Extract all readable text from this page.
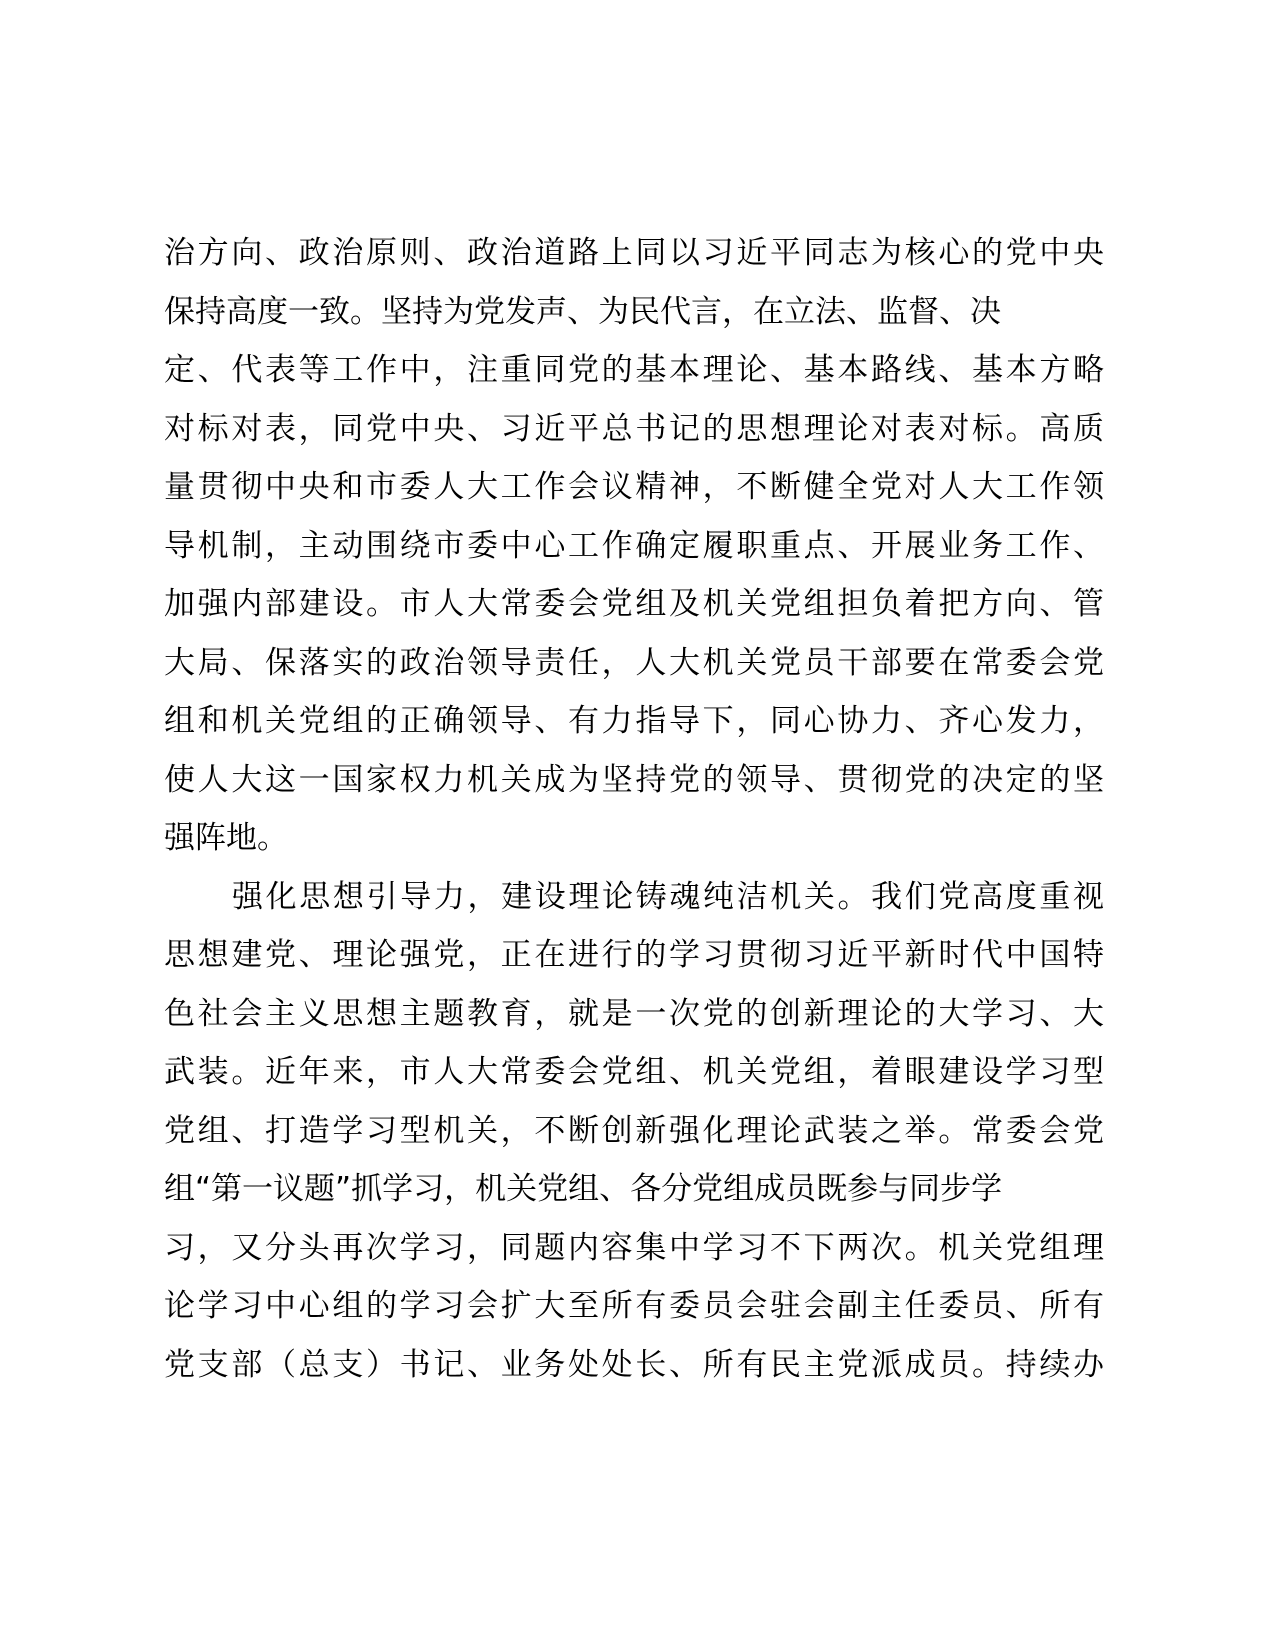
治方向、政治原则、政治道路上同以习近平同志为核心的党中央
保持高度一致。坚持为党发声、为民代言，在立法、监督、决
定、代表等工作中，注重同党的基本理论、基本路线、基本方略
对标对表，同党中央、习近平总书记的思想理论对表对标。高质
量贯彻中央和市委人大工作会议精神，不断健全党对人大工作领
导机制，主动围绕市委中心工作确定履职重点、开展业务工作、
加强内部建设。市人大常委会党组及机关党组担负着把方向、管
大局、保落实的政治领导责任，人大机关党员干部要在常委会党
组和机关党组的正确领导、有力指导下，同心协力、齐心发力，
使人大这一国家权力机关成为坚持党的领导、贯彻党的决定的坚
强阵地。
强化思想引导力，建设理论铸魂纯洁机关。我们党高度重视
思想建党、理论强党，正在进行的学习贯彻习近平新时代中国特
色社会主义思想主题教育，就是一次党的创新理论的大学习、大
武装。近年来，市人大常委会党组、机关党组，着眼建设学习型
党组、打造学习型机关，不断创新强化理论武装之举。常委会党
组“第一议题”抓学习，机关党组、各分党组成员既参与同步学
习，又分头再次学习，同题内容集中学习不下两次。机关党组理
论学习中心组的学习会扩大至所有委员会驻会副主任委员、所有
党支部（总支）书记、业务处处长、所有民主党派成员。持续办
